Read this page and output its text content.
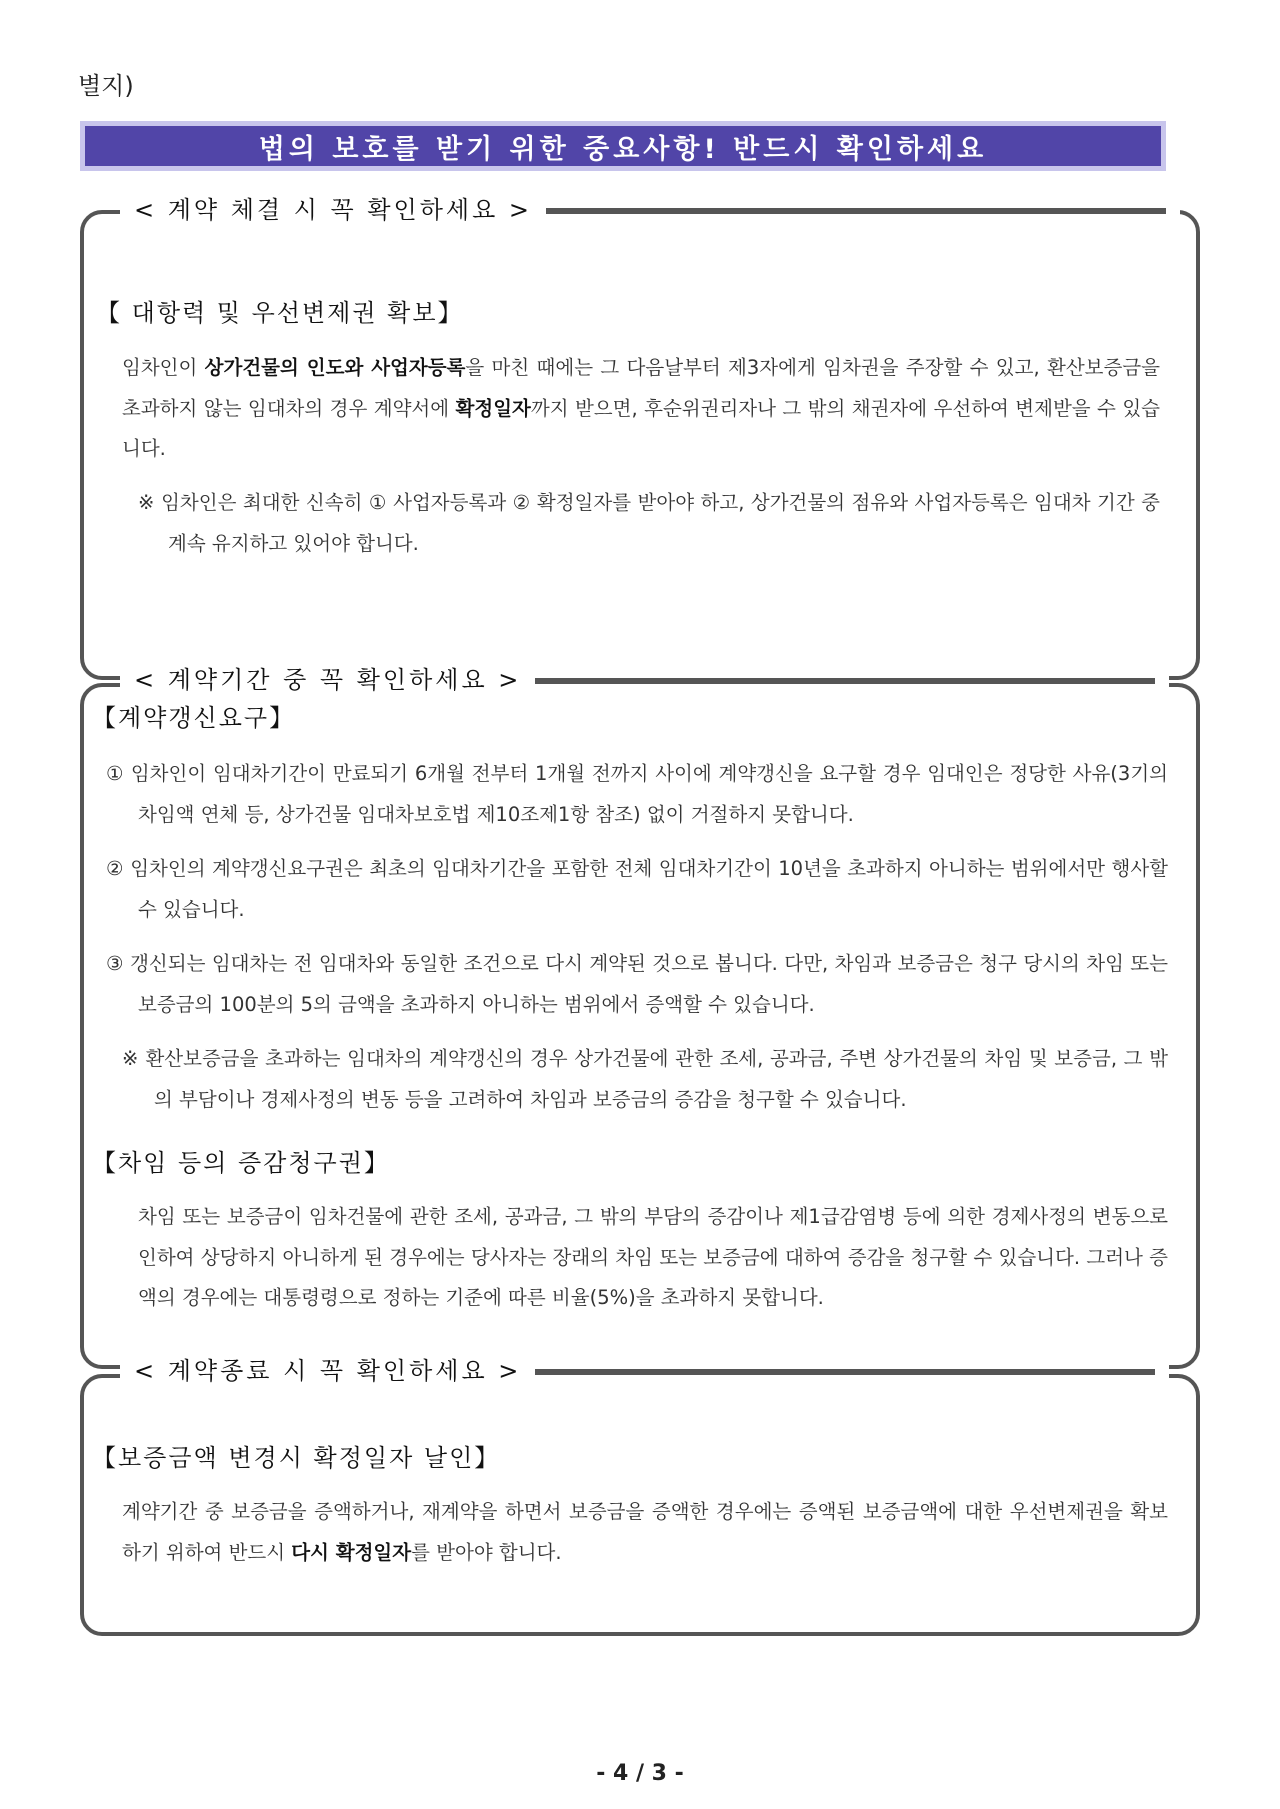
별지)
법의 보호를 받기 위한 중요사항! 반드시 확인하세요
< 계약 체결 시 꼭 확인하세요 >
【 대항력 및 우선변제권 확보】
임차인이 상가건물의 인도와 사업자등록을 마친 때에는 그 다음날부터 제3자에게 임차권을 주장할 수 있고, 환산보증금을 초과하지 않는 임대차의 경우 계약서에 확정일자까지 받으면, 후순위권리자나 그 밖의 채권자에 우선하여 변제받을 수 있습니다.
※ 임차인은 최대한 신속히 ① 사업자등록과 ② 확정일자를 받아야 하고, 상가건물의 점유와 사업자등록은 임대차 기간 중 계속 유지하고 있어야 합니다.
< 계약기간 중 꼭 확인하세요 >
【계약갱신요구】
① 임차인이 임대차기간이 만료되기 6개월 전부터 1개월 전까지 사이에 계약갱신을 요구할 경우 임대인은 정당한 사유(3기의 차임액 연체 등, 상가건물 임대차보호법 제10조제1항 참조) 없이 거절하지 못합니다.
② 임차인의 계약갱신요구권은 최초의 임대차기간을 포함한 전체 임대차기간이 10년을 초과하지 아니하는 범위에서만 행사할 수 있습니다.
③ 갱신되는 임대차는 전 임대차와 동일한 조건으로 다시 계약된 것으로 봅니다. 다만, 차임과 보증금은 청구 당시의 차임 또는 보증금의 100분의 5의 금액을 초과하지 아니하는 범위에서 증액할 수 있습니다.
※ 환산보증금을 초과하는 임대차의 계약갱신의 경우 상가건물에 관한 조세, 공과금, 주변 상가건물의 차임 및 보증금, 그 밖의 부담이나 경제사정의 변동 등을 고려하여 차임과 보증금의 증감을 청구할 수 있습니다.
【차임 등의 증감청구권】
차임 또는 보증금이 임차건물에 관한 조세, 공과금, 그 밖의 부담의 증감이나 제1급감염병 등에 의한 경제사정의 변동으로 인하여 상당하지 아니하게 된 경우에는 당사자는 장래의 차임 또는 보증금에 대하여 증감을 청구할 수 있습니다. 그러나 증액의 경우에는 대통령령으로 정하는 기준에 따른 비율(5%)을 초과하지 못합니다.
< 계약종료 시 꼭 확인하세요 >
【보증금액 변경시 확정일자 날인】
계약기간 중 보증금을 증액하거나, 재계약을 하면서 보증금을 증액한 경우에는 증액된 보증금액에 대한 우선변제권을 확보하기 위하여 반드시 다시 확정일자를 받아야 합니다.
- 4 / 3 -
